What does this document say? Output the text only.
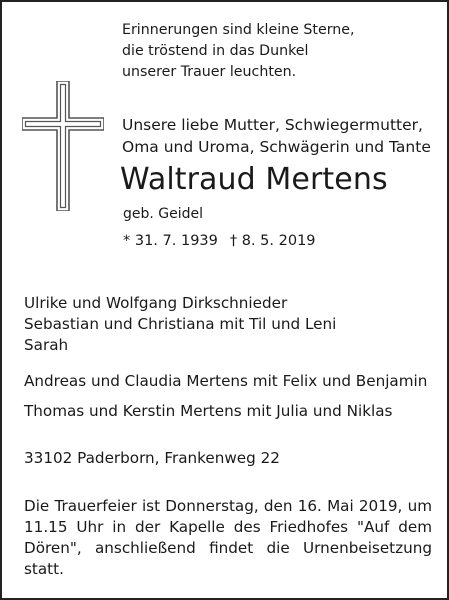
Erinnerungen sind kleine Sterne,
die tröstend in das Dunkel
unserer Trauer leuchten.
Unsere liebe Mutter, Schwiegermutter,
Oma und Uroma, Schwägerin und Tante
Waltraud Mertens
geb. Geidel
* 31. 7. 1939 † 8. 5. 2019
Ulrike und Wolfgang Dirkschnieder
Sebastian und Christiana mit Til und Leni
Sarah
Andreas und Claudia Mertens mit Felix und Benjamin
Thomas und Kerstin Mertens mit Julia und Niklas
33102 Paderborn, Frankenweg 22
Die Trauerfeier ist Donnerstag, den 16. Mai 2019, um 11.15 Uhr in der Kapelle des Friedhofes "Auf dem Dören", anschließend findet die Urnenbeisetzung statt.
